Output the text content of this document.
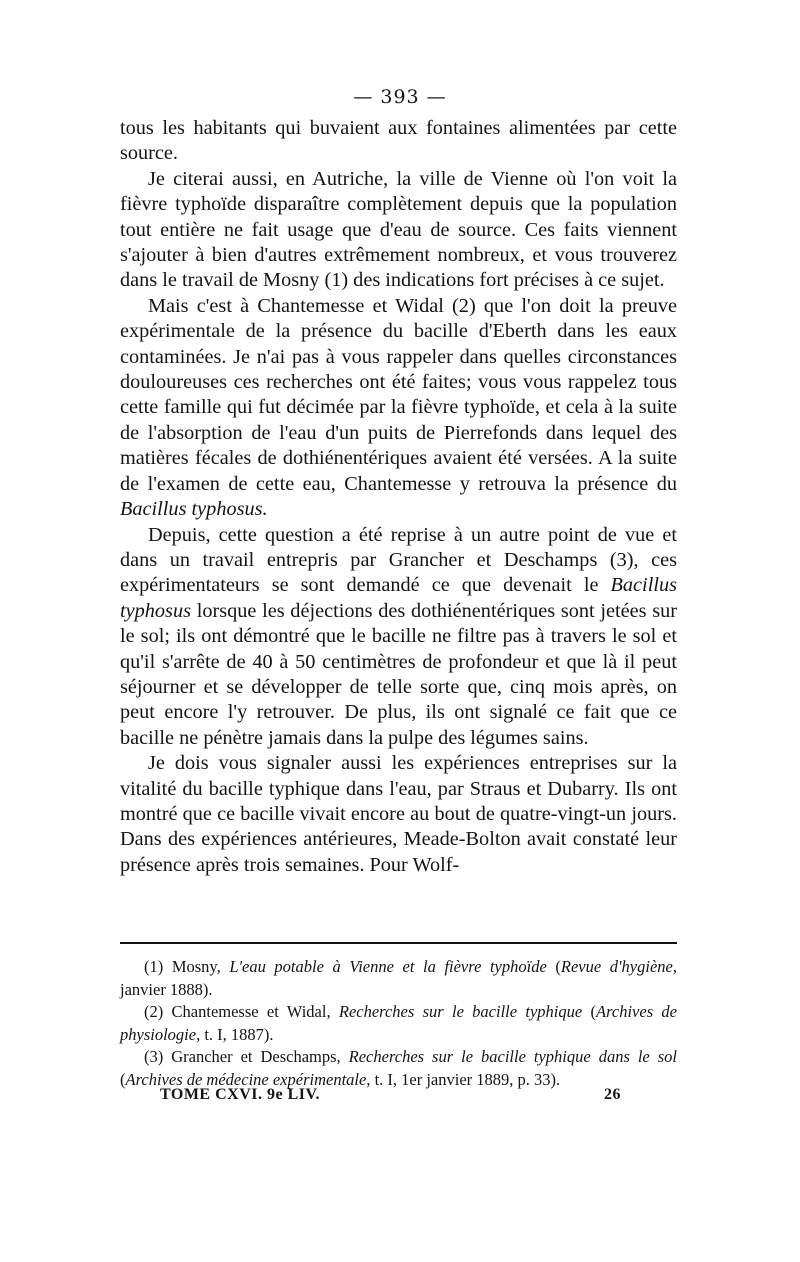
— 393 —

tous les habitants qui buvaient aux fontaines alimentées par cette source.

Je citerai aussi, en Autriche, la ville de Vienne où l'on voit la fièvre typhoïde disparaître complètement depuis que la population tout entière ne fait usage que d'eau de source. Ces faits viennent s'ajouter à bien d'autres extrêmement nombreux, et vous trouverez dans le travail de Mosny (1) des indications fort précises à ce sujet.

Mais c'est à Chantemesse et Widal (2) que l'on doit la preuve expérimentale de la présence du bacille d'Eberth dans les eaux contaminées. Je n'ai pas à vous rappeler dans quelles circonstances douloureuses ces recherches ont été faites; vous vous rappelez tous cette famille qui fut décimée par la fièvre typhoïde, et cela à la suite de l'absorption de l'eau d'un puits de Pierrefonds dans lequel des matières fécales de dothiénentériques avaient été versées. A la suite de l'examen de cette eau, Chantemesse y retrouva la présence du Bacillus typhosus.

Depuis, cette question a été reprise à un autre point de vue et dans un travail entrepris par Grancher et Deschamps (3), ces expérimentateurs se sont demandé ce que devenait le Bacillus typhosus lorsque les déjections des dothiénentériques sont jetées sur le sol; ils ont démontré que le bacille ne filtre pas à travers le sol et qu'il s'arrête de 40 à 50 centimètres de profondeur et que là il peut séjourner et se développer de telle sorte que, cinq mois après, on peut encore l'y retrouver. De plus, ils ont signalé ce fait que ce bacille ne pénètre jamais dans la pulpe des légumes sains.

Je dois vous signaler aussi les expériences entreprises sur la vitalité du bacille typhique dans l'eau, par Straus et Dubarry. Ils ont montré que ce bacille vivait encore au bout de quatre-vingt-un jours. Dans des expériences antérieures, Meade-Bolton avait constaté leur présence après trois semaines. Pour Wolf-

(1) Mosny, L'eau potable à Vienne et la fièvre typhoïde (Revue d'hygiène, janvier 1888).

(2) Chantemesse et Widal, Recherches sur le bacille typhique (Archives de physiologie, t. I, 1887).

(3) Grancher et Deschamps, Recherches sur le bacille typhique dans le sol (Archives de médecine expérimentale, t. I, 1er janvier 1889, p. 33).

TOME CXVI. 9e LIV.	26
